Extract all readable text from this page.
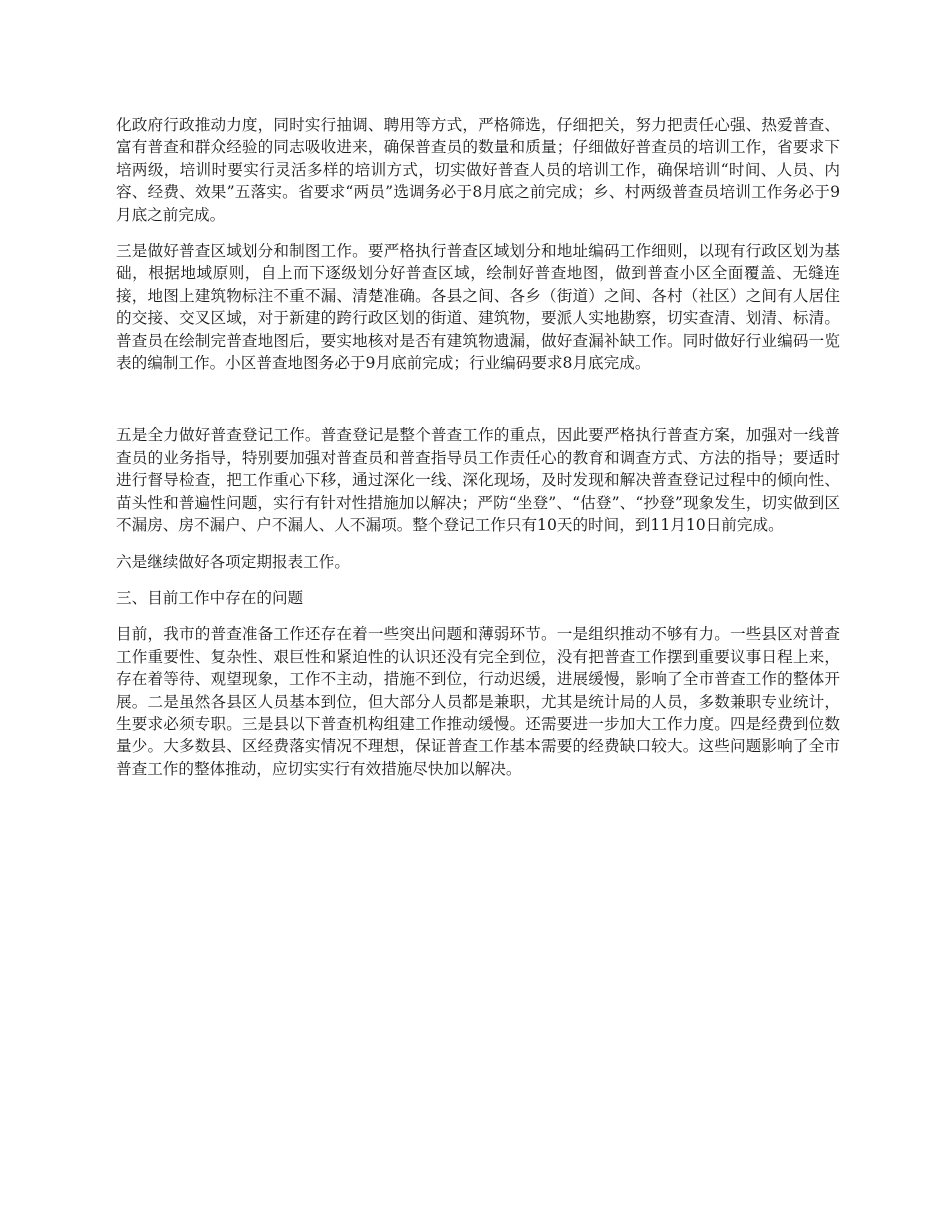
化政府行政推动力度，同时实行抽调、聘用等方式，严格筛选，仔细把关，努力把责任心强、热爱普查、富有普查和群众经验的同志吸收进来，确保普查员的数量和质量；仔细做好普查员的培训工作，省要求下培两级，培训时要实行灵活多样的培训方式，切实做好普查人员的培训工作，确保培训“时间、人员、内容、经费、效果”五落实。省要求“两员”选调务必于8月底之前完成；乡、村两级普查员培训工作务必于9月底之前完成。

三是做好普查区域划分和制图工作。要严格执行普查区域划分和地址编码工作细则，以现有行政区划为基础，根据地域原则，自上而下逐级划分好普查区域，绘制好普查地图，做到普查小区全面覆盖、无缝连接，地图上建筑物标注不重不漏、清楚准确。各县之间、各乡（街道）之间、各村（社区）之间有人居住的交接、交叉区域，对于新建的跨行政区划的街道、建筑物，要派人实地勘察，切实查清、划清、标清。普查员在绘制完普查地图后，要实地核对是否有建筑物遗漏，做好查漏补缺工作。同时做好行业编码一览表的编制工作。小区普查地图务必于9月底前完成；行业编码要求8月底完成。

五是全力做好普查登记工作。普查登记是整个普查工作的重点，因此要严格执行普查方案，加强对一线普查员的业务指导，特别要加强对普查员和普查指导员工作责任心的教育和调查方式、方法的指导；要适时进行督导检查，把工作重心下移，通过深化一线、深化现场，及时发现和解决普查登记过程中的倾向性、苗头性和普遍性问题，实行有针对性措施加以解决；严防“坐登”、“估登”、“抄登”现象发生，切实做到区不漏房、房不漏户、户不漏人、人不漏项。整个登记工作只有10天的时间，到11月10日前完成。

六是继续做好各项定期报表工作。

三、目前工作中存在的问题

目前，我市的普查准备工作还存在着一些突出问题和薄弱环节。一是组织推动不够有力。一些县区对普查工作重要性、复杂性、艰巨性和紧迫性的认识还没有完全到位，没有把普查工作摆到重要议事日程上来，存在着等待、观望现象，工作不主动，措施不到位，行动迟缓，进展缓慢，影响了全市普查工作的整体开展。二是虽然各县区人员基本到位，但大部分人员都是兼职，尤其是统计局的人员，多数兼职专业统计，生要求必须专职。三是县以下普查机构组建工作推动缓慢。还需要进一步加大工作力度。四是经费到位数量少。大多数县、区经费落实情况不理想，保证普查工作基本需要的经费缺口较大。这些问题影响了全市普查工作的整体推动，应切实实行有效措施尽快加以解决。
